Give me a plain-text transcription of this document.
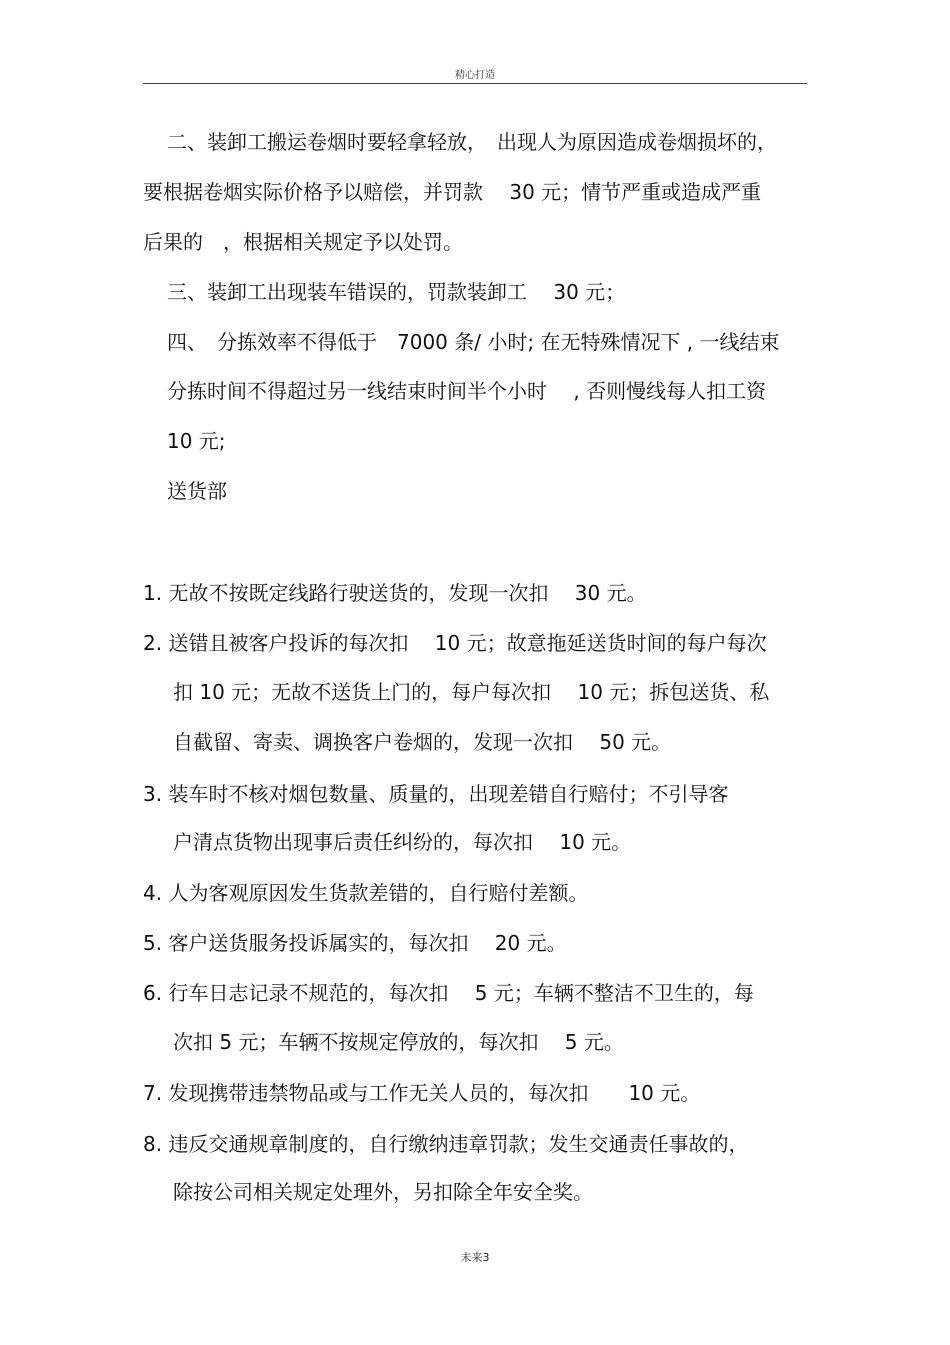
精心打造
二、装卸工搬运卷烟时要轻拿轻放，　出现人为原因造成卷烟损坏的，
要根据卷烟实际价格予以赔偿，并罚款　 30 元；情节严重或造成严重
后果的　，根据相关规定予以处罚。
三、装卸工出现装车错误的，罚款装卸工　 30 元；
四、　分拣效率不得低于　7000 条/ 小时; 在无特殊情况下 , 一线结束
分拣时间不得超过另一线结束时间半个小时　 , 否则慢线每人扣工资
10 元;
送货部
1. 无故不按既定线路行驶送货的，发现一次扣　 30 元。
2. 送错且被客户投诉的每次扣　 10 元；故意拖延送货时间的每户每次
扣 10 元；无故不送货上门的，每户每次扣　 10 元；拆包送货、私
自截留、寄卖、调换客户卷烟的，发现一次扣　 50 元。
3. 装车时不核对烟包数量、质量的，出现差错自行赔付；不引导客
户清点货物出现事后责任纠纷的，每次扣　 10 元。
4. 人为客观原因发生货款差错的，自行赔付差额。
5. 客户送货服务投诉属实的，每次扣　 20 元。
6. 行车日志记录不规范的，每次扣　 5 元；车辆不整洁不卫生的，每
次扣 5 元；车辆不按规定停放的，每次扣　 5 元。
7. 发现携带违禁物品或与工作无关人员的，每次扣　　10 元。
8. 违反交通规章制度的，自行缴纳违章罚款；发生交通责任事故的，
除按公司相关规定处理外，另扣除全年安全奖。
未来3
